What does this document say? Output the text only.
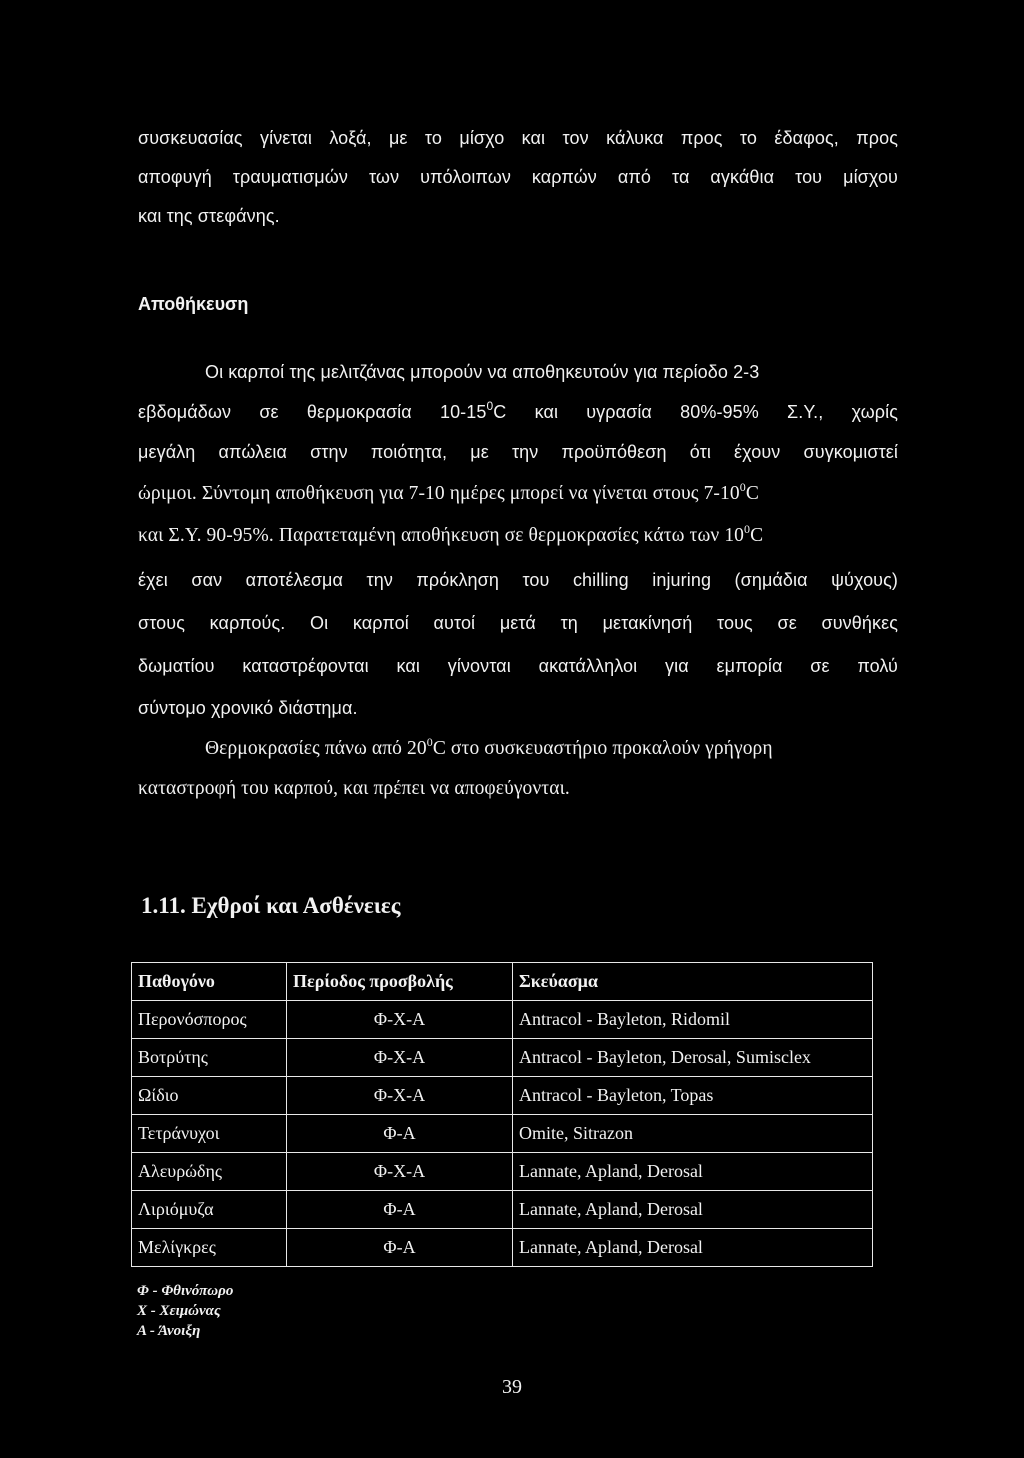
συσκευασίας γίνεται λοξά, με το μίσχο και τον κάλυκα προς το έδαφος, προς
αποφυγή τραυματισμών των υπόλοιπων καρπών από τα αγκάθια του μίσχου
και της στεφάνης.
Αποθήκευση
Οι καρποί της μελιτζάνας μπορούν να αποθηκευτούν για περίοδο 2-3
εβδομάδων σε θερμοκρασία $10-15^0C$ και υγρασία 80%-95% Σ.Υ., χωρίς
μεγάλη απώλεια στην ποιότητα, με την προϋπόθεση ότι έχουν συγκομιστεί
ώριμοι. Σύντομη αποθήκευση για 7-10 ημέρες μπορεί να γίνεται στους $7-10^0C$
και Σ.Υ. 90-95%. Παρατεταμένη αποθήκευση σε θερμοκρασίες κάτω των $10^0C$
έχει σαν αποτέλεσμα την πρόκληση του chilling injuring (σημάδια ψύχους)
στους καρπούς. Οι καρποί αυτοί μετά τη μετακίνησή τους σε συνθήκες
δωματίου καταστρέφονται και γίνονται ακατάλληλοι για εμπορία σε πολύ
σύντομο χρονικό διάστημα.
Θερμοκρασίες πάνω από $20^0C$ στο συσκευαστήριο προκαλούν γρήγορη
καταστροφή του καρπού, και πρέπει να αποφεύγονται.
1.11. Εχθροί και Ασθένειες
Παθογόνο	Περίοδος προσβολής	Σκεύασμα
Περονόσπορος	Φ-Χ-Α	Antracol - Bayleton, Ridomil
Βοτρύτης	Φ-Χ-Α	Antracol - Bayleton, Derosal, Sumisclex
Ωίδιο	Φ-Χ-Α	Antracol - Bayleton, Topas
Τετράνυχοι	Φ-Α	Omite, Sitrazon
Αλευρώδης	Φ-Χ-Α	Lannate, Apland, Derosal
Λιριόμυζα	Φ-Α	Lannate, Apland, Derosal
Μελίγκρες	Φ-Α	Lannate, Apland, Derosal
Φ - Φθινόπωρο
Χ - Χειμώνας
Α - Άνοιξη
39
